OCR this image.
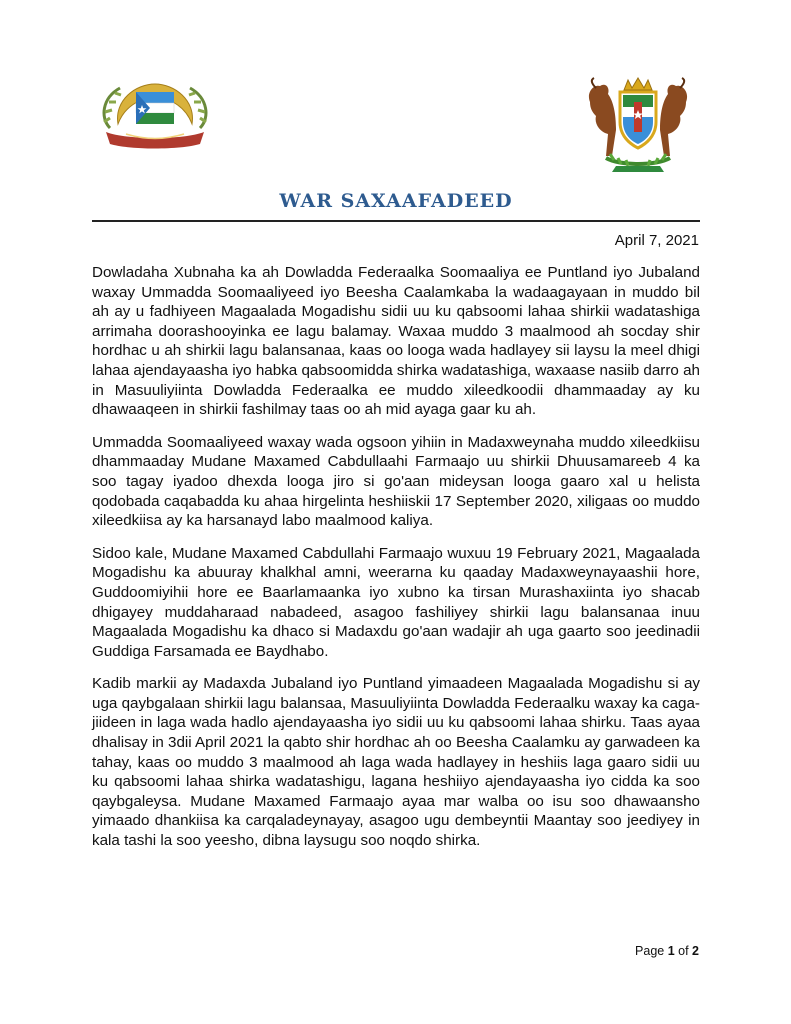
WAR SAXAAFADEED
April 7, 2021

Dowladaha Xubnaha ka ah Dowladda Federaalka Soomaaliya ee Puntland iyo Jubaland waxay Ummadda Soomaaliyeed iyo Beesha Caalamkaba la wadaagayaan in muddo bil ah ay u fadhiyeen Magaalada Mogadishu sidii uu ku qabsoomi lahaa shirkii wadatashiga arrimaha doorashooyinka ee lagu balamay. Waxaa muddo 3 maalmood ah socday shir hordhac u ah shirkii lagu balansanaa, kaas oo looga wada hadlayey sii laysu la meel dhigi lahaa ajendayaasha iyo habka qabsoomidda shirka wadatashiga, waxaase nasiib darro ah in Masuuliyiinta Dowladda Federaalka ee muddo xileedkoodii dhammaaday ay ku dhawaaqeen in shirkii fashilmay taas oo ah mid ayaga gaar ku ah.

Ummadda Soomaaliyeed waxay wada ogsoon yihiin in Madaxweynaha muddo xileedkiisu dhammaaday Mudane Maxamed Cabdullaahi Farmaajo uu shirkii Dhuusamareeb 4 ka soo tagay iyadoo dhexda looga jiro si go'aan mideysan looga gaaro xal u helista qodobada caqabadda ku ahaa hirgelinta heshiiskii 17 September 2020, xiligaas oo muddo xileedkiisa ay ka harsanayd labo maalmood kaliya.

Sidoo kale, Mudane Maxamed Cabdullahi Farmaajo wuxuu 19 February 2021, Magaalada Mogadishu ka abuuray khalkhal amni, weerarna ku qaaday Madaxweynayaashii hore, Guddoomiyihii hore ee Baarlamaanka iyo xubno ka tirsan Murashaxiinta iyo shacab dhigayey muddaharaad nabadeed, asagoo fashiliyey shirkii lagu balansanaa inuu Magaalada Mogadishu ka dhaco si Madaxdu go'aan wadajir ah uga gaarto soo jeedinadii Guddiga Farsamada ee Baydhabo.

Kadib markii ay Madaxda Jubaland iyo Puntland yimaadeen Magaalada Mogadishu si ay uga qaybgalaan shirkii lagu balansaa, Masuuliyiinta Dowladda Federaalku waxay ka caga-jiideen in laga wada hadlo ajendayaasha iyo sidii uu ku qabsoomi lahaa shirku. Taas ayaa dhalisay in 3dii April 2021 la qabto shir hordhac ah oo Beesha Caalamku ay garwadeen ka tahay, kaas oo muddo 3 maalmood ah laga wada hadlayey in heshiis laga gaaro sidii uu ku qabsoomi lahaa shirka wadatashigu, lagana heshiiyo ajendayaasha iyo cidda ka soo qaybgaleysa. Mudane Maxamed Farmaajo ayaa mar walba oo isu soo dhawaansho yimaado dhankiisa ka carqaladeynayay, asagoo ugu dembeyntii Maantay soo jeediyey in kala tashi la soo yeesho, dibna laysugu soo noqdo shirka.

Page 1 of 2
